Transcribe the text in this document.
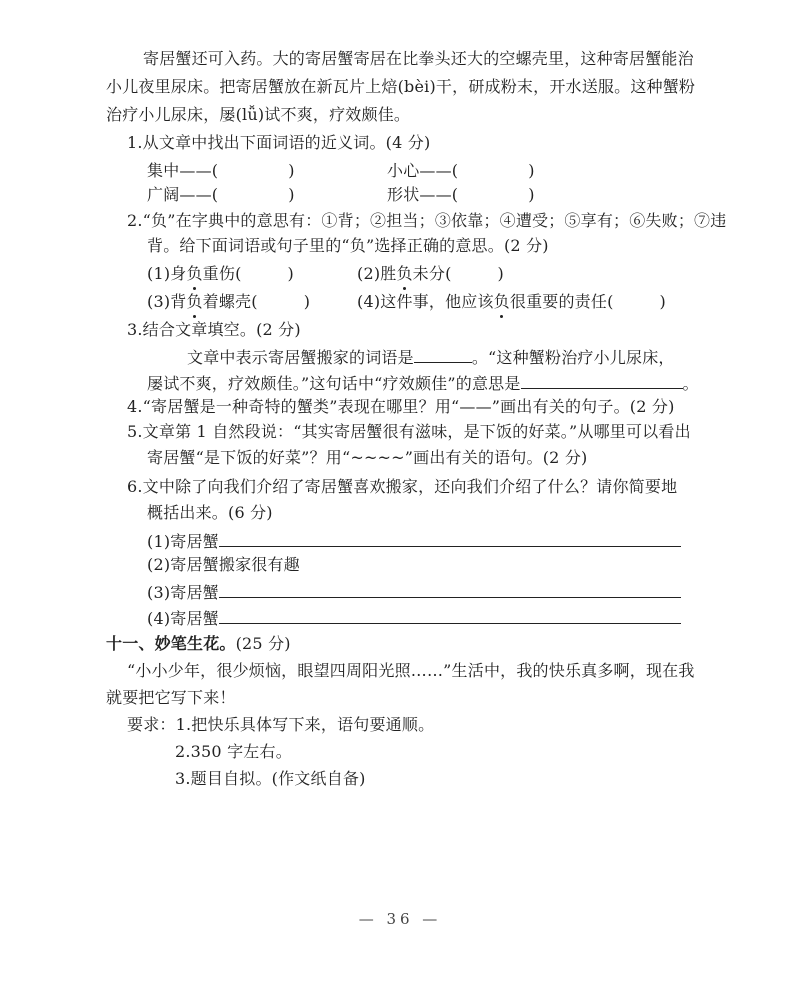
寄居蟹还可入药。大的寄居蟹寄居在比拳头还大的空螺壳里，这种寄居蟹能治
小儿夜里尿床。把寄居蟹放在新瓦片上焙(bèi)干，研成粉末，开水送服。这种蟹粉
治疗小儿尿床，屡(lǚ)试不爽，疗效颇佳。
1.从文章中找出下面词语的近义词。(4 分)
集中——(	)	小心——(	)
广阔——(	)	形状——(	)
2.“负”在字典中的意思有：①背；②担当；③依靠；④遭受；⑤享有；⑥失败；⑦违
背。给下面词语或句子里的“负”选择正确的意思。(2 分)
(1)身负重伤(	)	(2)胜负未分(	)
(3)背负着螺壳(	)	(4)这件事，他应该负很重要的责任(	)
3.结合文章填空。(2 分)
文章中表示寄居蟹搬家的词语是	。“这种蟹粉治疗小儿尿床，
屡试不爽，疗效颇佳。”这句话中“疗效颇佳”的意思是	。
4.“寄居蟹是一种奇特的蟹类”表现在哪里？用“——”画出有关的句子。(2 分)
5.文章第 1 自然段说：“其实寄居蟹很有滋味，是下饭的好菜。”从哪里可以看出
寄居蟹“是下饭的好菜”？用“~~~~”画出有关的语句。(2 分)
6.文中除了向我们介绍了寄居蟹喜欢搬家，还向我们介绍了什么？请你简要地
概括出来。(6 分)
(1)寄居蟹
(2)寄居蟹搬家很有趣
(3)寄居蟹
(4)寄居蟹
十一、妙笔生花。(25 分)
“小小少年，很少烦恼，眼望四周阳光照……”生活中，我的快乐真多啊，现在我
就要把它写下来！
要求：1.把快乐具体写下来，语句要通顺。
2.350 字左右。
3.题目自拟。(作文纸自备)
— 36 —
